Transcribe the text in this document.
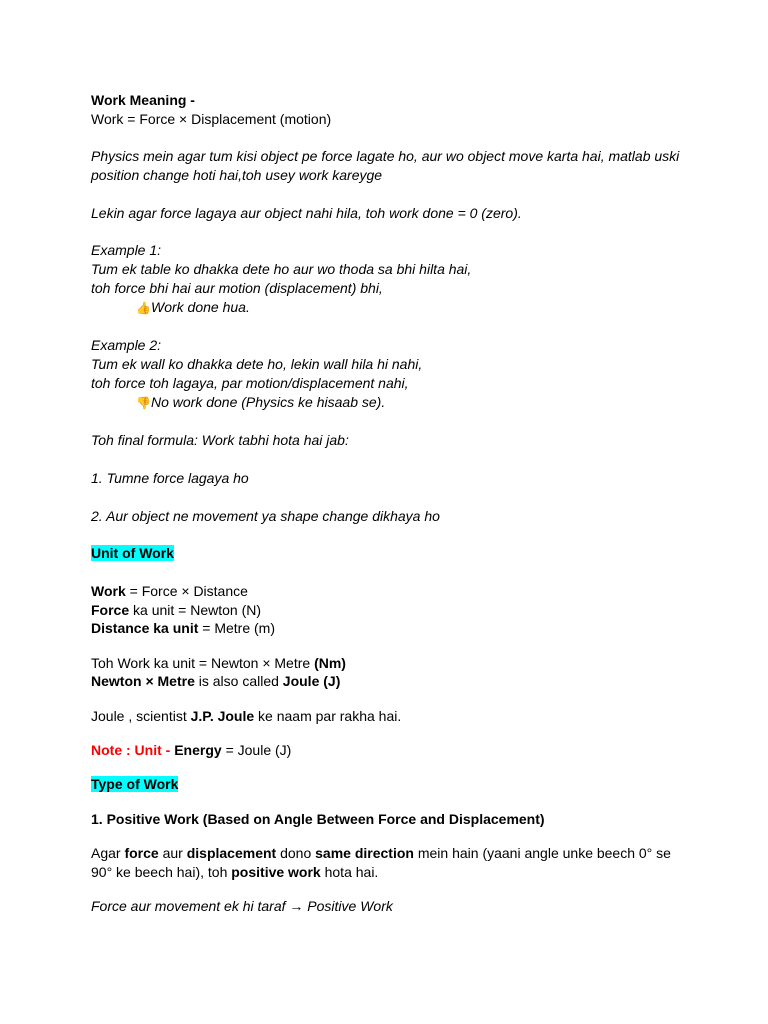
Work Meaning -
Work = Force × Displacement (motion)
Physics mein agar tum kisi object pe force lagate ho, aur wo object move karta hai, matlab uski
position change hoti hai,toh usey work kareyge
Lekin agar force lagaya aur object nahi hila, toh work done = 0 (zero).
Example 1:
Tum ek table ko dhakka dete ho aur wo thoda sa bhi hilta hai,
toh force bhi hai aur motion (displacement) bhi,
👍Work done hua.
Example 2:
Tum ek wall ko dhakka dete ho, lekin wall hila hi nahi,
toh force toh lagaya, par motion/displacement nahi,
👎No work done (Physics ke hisaab se).
Toh final formula: Work tabhi hota hai jab:
1. Tumne force lagaya ho
2. Aur object ne movement ya shape change dikhaya ho
Unit of Work
Work = Force × Distance
Force ka unit = Newton (N)
Distance ka unit = Metre (m)
Toh Work ka unit = Newton × Metre (Nm)
Newton × Metre is also called Joule (J)
Joule , scientist J.P. Joule ke naam par rakha hai.
Note : Unit - Energy = Joule (J)
Type of Work
1. Positive Work (Based on Angle Between Force and Displacement)
Agar force aur displacement dono same direction mein hain (yaani angle unke beech 0° se
90° ke beech hai), toh positive work hota hai.
Force aur movement ek hi taraf → Positive Work
